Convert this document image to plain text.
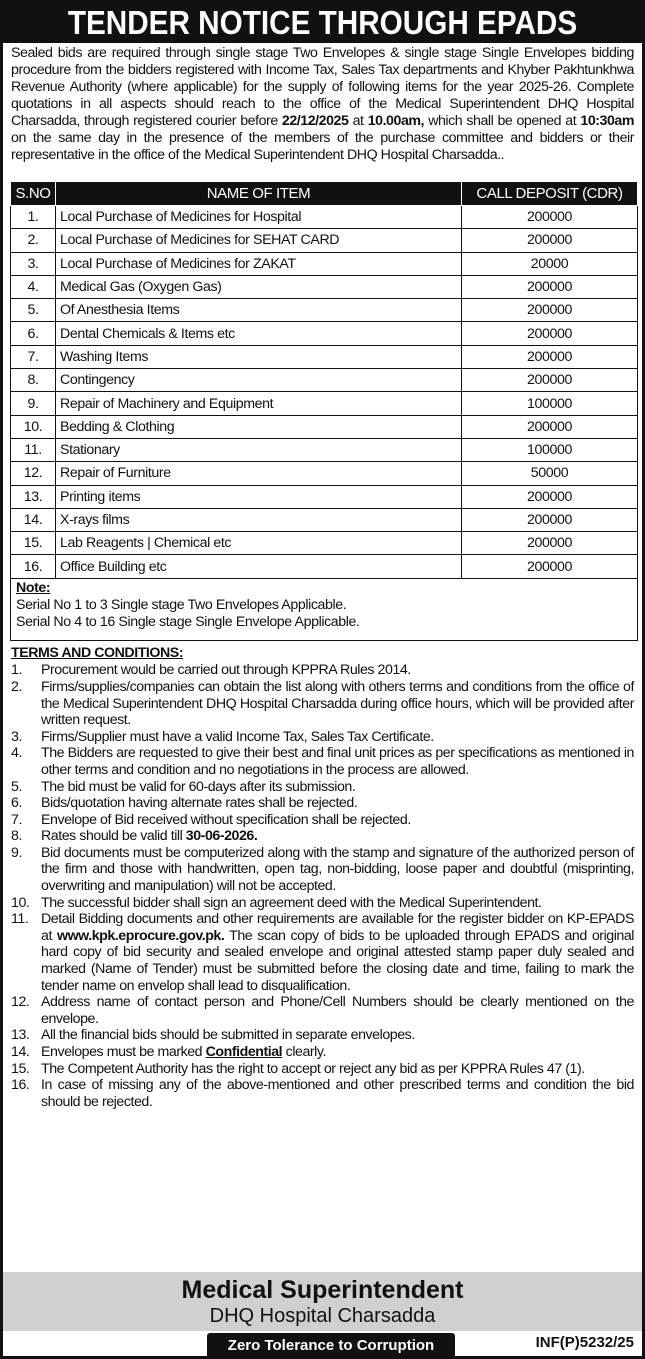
TENDER NOTICE THROUGH EPADS
Sealed bids are required through single stage Two Envelopes & single stage Single Envelopes bidding procedure from the bidders registered with Income Tax, Sales Tax departments and Khyber Pakhtunkhwa Revenue Authority (where applicable) for the supply of following items for the year 2025-26. Complete quotations in all aspects should reach to the office of the Medical Superintendent DHQ Hospital Charsadda, through registered courier before 22/12/2025 at 10.00am, which shall be opened at 10:30am on the same day in the presence of the members of the purchase committee and bidders or their representative in the office of the Medical Superintendent DHQ Hospital Charsadda..
S.NO	NAME OF ITEM	CALL DEPOSIT (CDR)
1.	Local Purchase of Medicines for Hospital	200000
2.	Local Purchase of Medicines for SEHAT CARD	200000
3.	Local Purchase of Medicines for ZAKAT	20000
4.	Medical Gas (Oxygen Gas)	200000
5.	Of Anesthesia Items	200000
6.	Dental Chemicals & Items etc	200000
7.	Washing Items	200000
8.	Contingency	200000
9.	Repair of Machinery and Equipment	100000
10.	Bedding & Clothing	200000
11.	Stationary	100000
12.	Repair of Furniture	50000
13.	Printing items	200000
14.	X-rays films	200000
15.	Lab Reagents | Chemical etc	200000
16.	Office Building etc	200000
Note:
Serial No 1 to 3 Single stage Two Envelopes Applicable.
Serial No 4 to 16 Single stage Single Envelope Applicable.
TERMS AND CONDITIONS:
1.	Procurement would be carried out through KPPRA Rules 2014.
2.	Firms/supplies/companies can obtain the list along with others terms and conditions from the office of the Medical Superintendent DHQ Hospital Charsadda during office hours, which will be provided after written request.
3.	Firms/Supplier must have a valid Income Tax, Sales Tax Certificate.
4.	The Bidders are requested to give their best and final unit prices as per specifications as mentioned in other terms and condition and no negotiations in the process are allowed.
5.	The bid must be valid for 60-days after its submission.
6.	Bids/quotation having alternate rates shall be rejected.
7.	Envelope of Bid received without specification shall be rejected.
8.	Rates should be valid till 30-06-2026.
9.	Bid documents must be computerized along with the stamp and signature of the authorized person of the firm and those with handwritten, open tag, non-bidding, loose paper and doubtful (misprinting, overwriting and manipulation) will not be accepted.
10. The successful bidder shall sign an agreement deed with the Medical Superintendent.
11. Detail Bidding documents and other requirements are available for the register bidder on KP-EPADS at www.kpk.eprocure.gov.pk. The scan copy of bids to be uploaded through EPADS and original hard copy of bid security and sealed envelope and original attested stamp paper duly sealed and marked (Name of Tender) must be submitted before the closing date and time, failing to mark the tender name on envelop shall lead to disqualification.
12. Address name of contact person and Phone/Cell Numbers should be clearly mentioned on the envelope.
13. All the financial bids should be submitted in separate envelopes.
14. Envelopes must be marked Confidential clearly.
15. The Competent Authority has the right to accept or reject any bid as per KPPRA Rules 47 (1).
16. In case of missing any of the above-mentioned and other prescribed terms and condition the bid should be rejected.
Medical Superintendent
DHQ Hospital Charsadda
Zero Tolerance to Corruption	INF(P)5232/25
